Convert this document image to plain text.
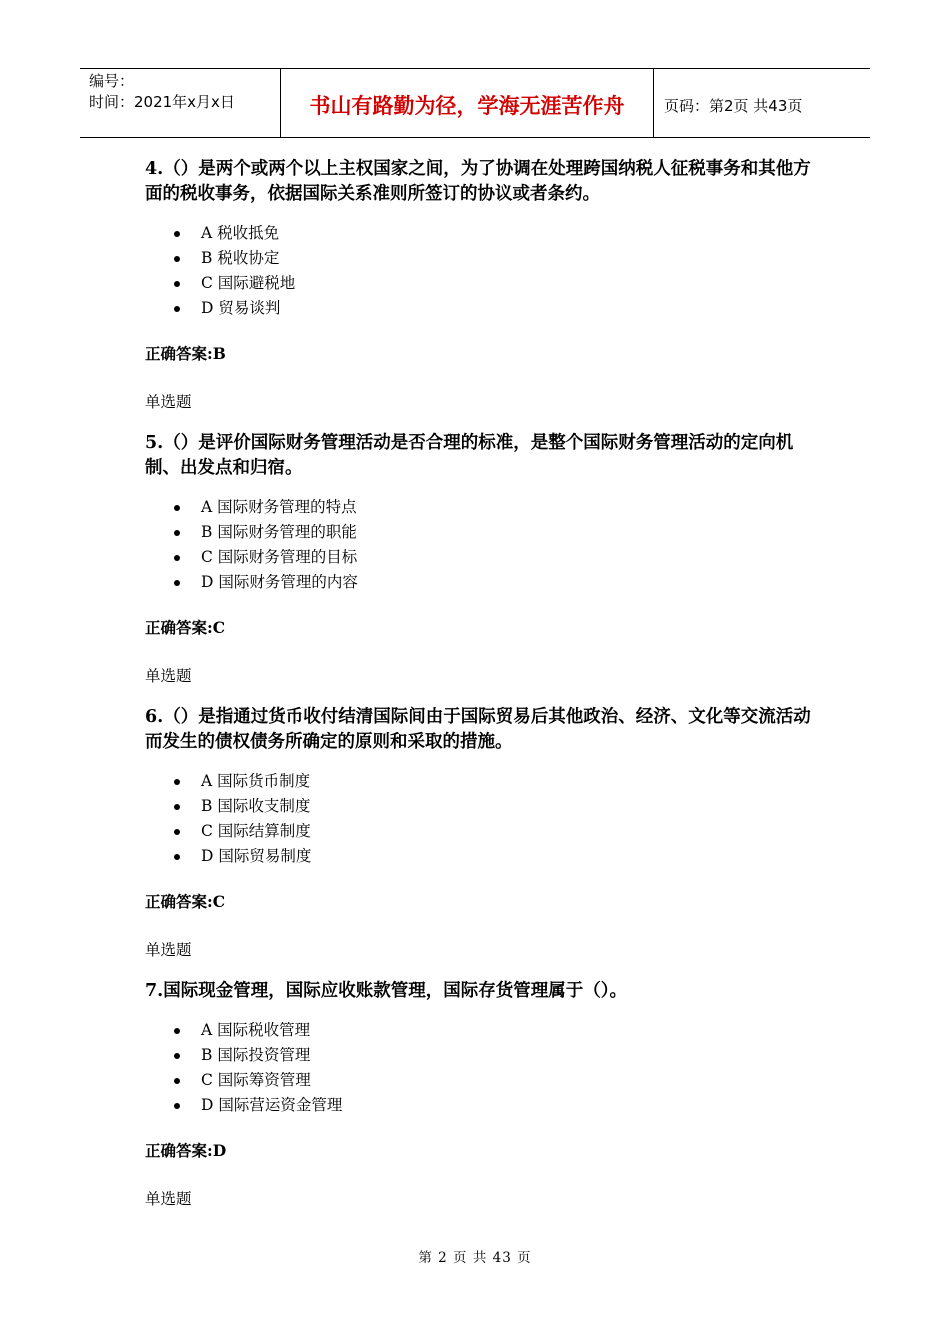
编号：
时间：2021年x月x日	书山有路勤为径，学海无涯苦作舟	页码：第2页 共43页
4.（）是两个或两个以上主权国家之间，为了协调在处理跨国纳税人征税事务和其他方面的税收事务，依据国际关系准则所签订的协议或者条约。
A 税收抵免
B 税收协定
C 国际避税地
D 贸易谈判
正确答案:B
单选题
5.（）是评价国际财务管理活动是否合理的标准，是整个国际财务管理活动的定向机制、出发点和归宿。
A 国际财务管理的特点
B 国际财务管理的职能
C 国际财务管理的目标
D 国际财务管理的内容
正确答案:C
单选题
6.（）是指通过货币收付结清国际间由于国际贸易后其他政治、经济、文化等交流活动而发生的债权债务所确定的原则和采取的措施。
A 国际货币制度
B 国际收支制度
C 国际结算制度
D 国际贸易制度
正确答案:C
单选题
7.国际现金管理，国际应收账款管理，国际存货管理属于（）。
A 国际税收管理
B 国际投资管理
C 国际筹资管理
D 国际营运资金管理
正确答案:D
单选题
第 2 页 共 43 页
